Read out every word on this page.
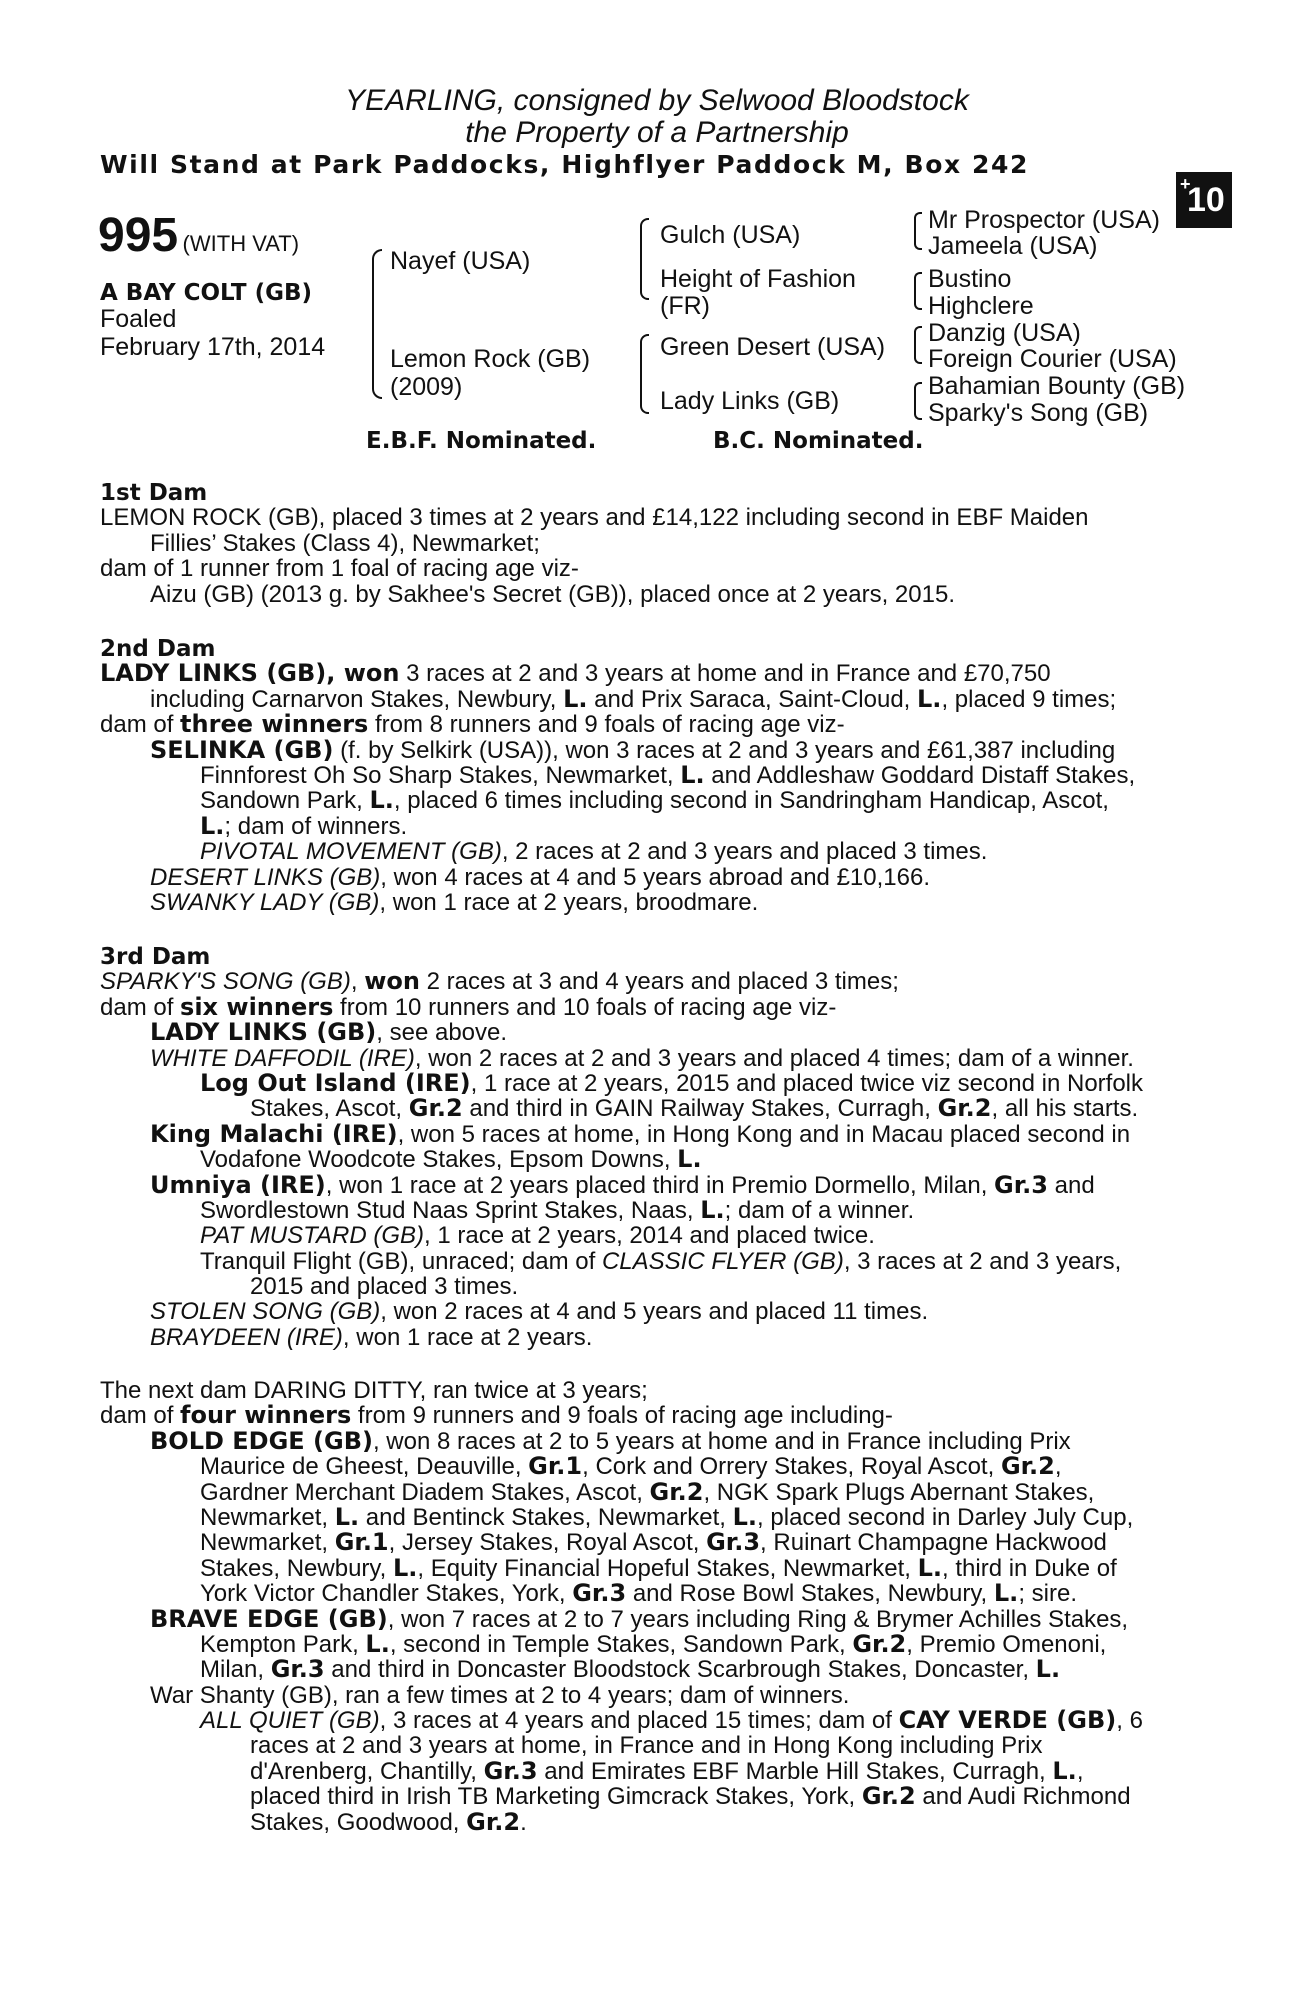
YEARLING, consigned by Selwood Bloodstock
the Property of a Partnership
Will Stand at Park Paddocks, Highflyer Paddock M, Box 242
+
10
995 (WITH VAT)
A BAY COLT (GB)
Foaled
February 17th, 2014
Nayef (USA)
Lemon Rock (GB)
(2009)
Gulch (USA)
Height of Fashion
(FR)
Green Desert (USA)
Lady Links (GB)
Mr Prospector (USA)
Jameela (USA)
Bustino
Highclere
Danzig (USA)
Foreign Courier (USA)
Bahamian Bounty (GB)
Sparky's Song (GB)
E.B.F. Nominated.	B.C. Nominated.
1st Dam
LEMON ROCK (GB), placed 3 times at 2 years and £14,122 including second in EBF Maiden
Fillies’ Stakes (Class 4), Newmarket;
dam of 1 runner from 1 foal of racing age viz-
Aizu (GB) (2013 g. by Sakhee's Secret (GB)), placed once at 2 years, 2015.
2nd Dam
LADY LINKS (GB), won 3 races at 2 and 3 years at home and in France and £70,750
including Carnarvon Stakes, Newbury, L. and Prix Saraca, Saint-Cloud, L., placed 9 times;
dam of three winners from 8 runners and 9 foals of racing age viz-
SELINKA (GB) (f. by Selkirk (USA)), won 3 races at 2 and 3 years and £61,387 including
Finnforest Oh So Sharp Stakes, Newmarket, L. and Addleshaw Goddard Distaff Stakes,
Sandown Park, L., placed 6 times including second in Sandringham Handicap, Ascot,
L.; dam of winners.
PIVOTAL MOVEMENT (GB), 2 races at 2 and 3 years and placed 3 times.
DESERT LINKS (GB), won 4 races at 4 and 5 years abroad and £10,166.
SWANKY LADY (GB), won 1 race at 2 years, broodmare.
3rd Dam
SPARKY'S SONG (GB), won 2 races at 3 and 4 years and placed 3 times;
dam of six winners from 10 runners and 10 foals of racing age viz-
LADY LINKS (GB), see above.
WHITE DAFFODIL (IRE), won 2 races at 2 and 3 years and placed 4 times; dam of a winner.
Log Out Island (IRE), 1 race at 2 years, 2015 and placed twice viz second in Norfolk
Stakes, Ascot, Gr.2 and third in GAIN Railway Stakes, Curragh, Gr.2, all his starts.
King Malachi (IRE), won 5 races at home, in Hong Kong and in Macau placed second in
Vodafone Woodcote Stakes, Epsom Downs, L.
Umniya (IRE), won 1 race at 2 years placed third in Premio Dormello, Milan, Gr.3 and
Swordlestown Stud Naas Sprint Stakes, Naas, L.; dam of a winner.
PAT MUSTARD (GB), 1 race at 2 years, 2014 and placed twice.
Tranquil Flight (GB), unraced; dam of CLASSIC FLYER (GB), 3 races at 2 and 3 years,
2015 and placed 3 times.
STOLEN SONG (GB), won 2 races at 4 and 5 years and placed 11 times.
BRAYDEEN (IRE), won 1 race at 2 years.
The next dam DARING DITTY, ran twice at 3 years;
dam of four winners from 9 runners and 9 foals of racing age including-
BOLD EDGE (GB), won 8 races at 2 to 5 years at home and in France including Prix
Maurice de Gheest, Deauville, Gr.1, Cork and Orrery Stakes, Royal Ascot, Gr.2,
Gardner Merchant Diadem Stakes, Ascot, Gr.2, NGK Spark Plugs Abernant Stakes,
Newmarket, L. and Bentinck Stakes, Newmarket, L., placed second in Darley July Cup,
Newmarket, Gr.1, Jersey Stakes, Royal Ascot, Gr.3, Ruinart Champagne Hackwood
Stakes, Newbury, L., Equity Financial Hopeful Stakes, Newmarket, L., third in Duke of
York Victor Chandler Stakes, York, Gr.3 and Rose Bowl Stakes, Newbury, L.; sire.
BRAVE EDGE (GB), won 7 races at 2 to 7 years including Ring & Brymer Achilles Stakes,
Kempton Park, L., second in Temple Stakes, Sandown Park, Gr.2, Premio Omenoni,
Milan, Gr.3 and third in Doncaster Bloodstock Scarbrough Stakes, Doncaster, L.
War Shanty (GB), ran a few times at 2 to 4 years; dam of winners.
ALL QUIET (GB), 3 races at 4 years and placed 15 times; dam of CAY VERDE (GB), 6
races at 2 and 3 years at home, in France and in Hong Kong including Prix
d'Arenberg, Chantilly, Gr.3 and Emirates EBF Marble Hill Stakes, Curragh, L.,
placed third in Irish TB Marketing Gimcrack Stakes, York, Gr.2 and Audi Richmond
Stakes, Goodwood, Gr.2.
